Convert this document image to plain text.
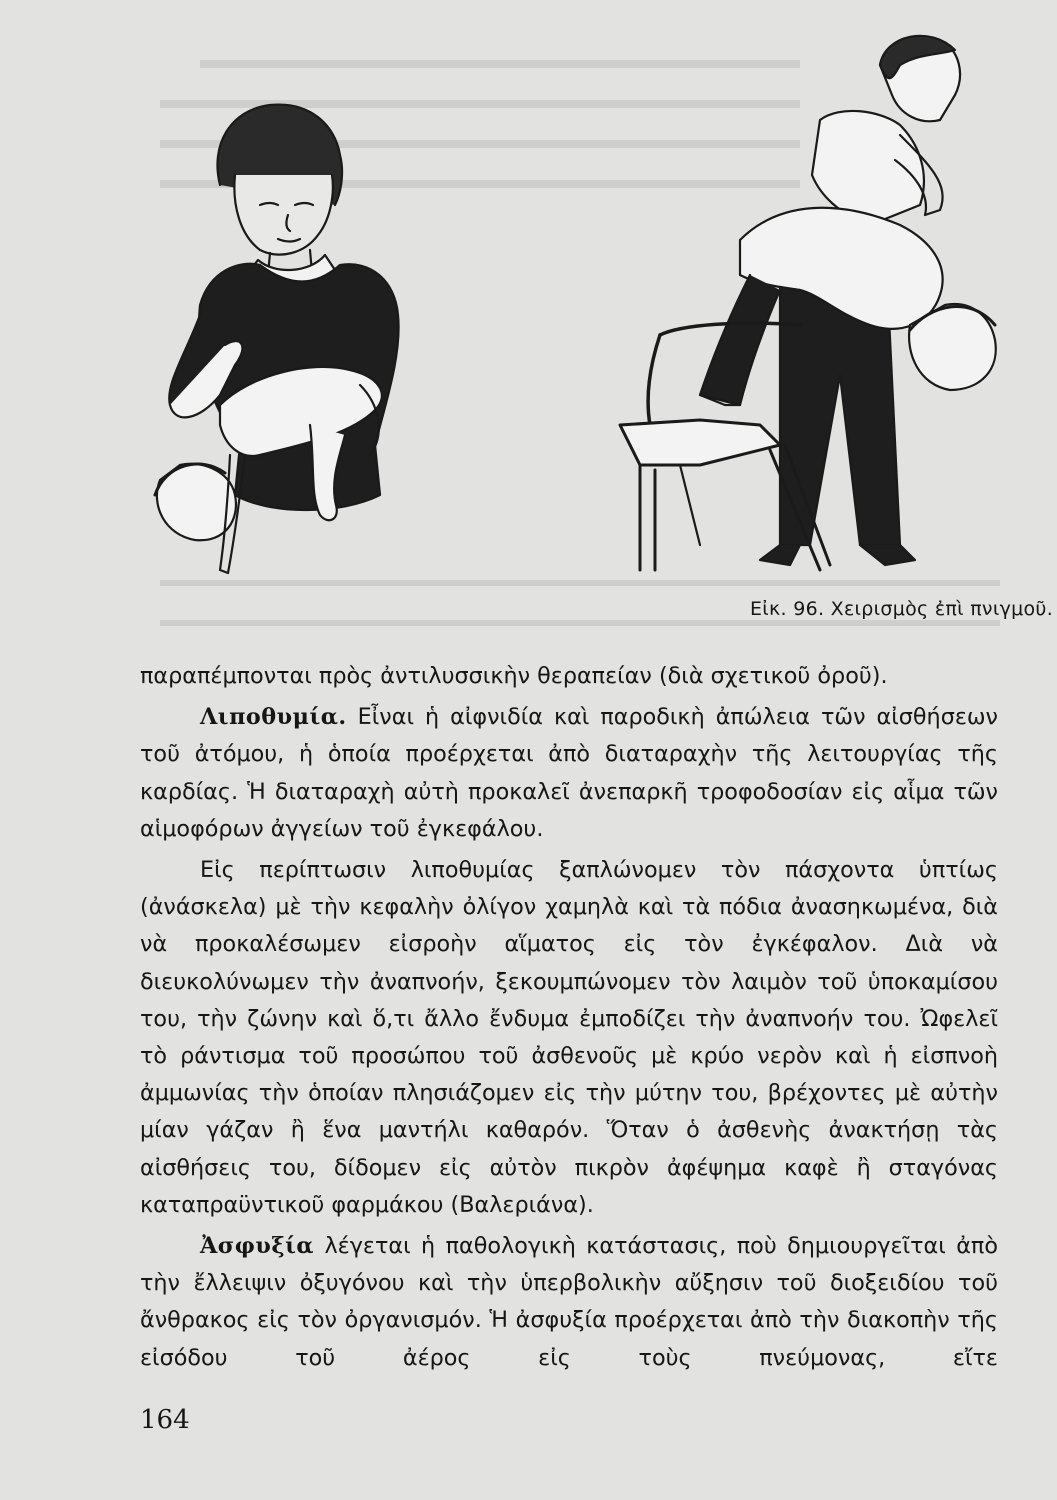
Εἰκ. 96. Χειρισμὸς ἐπὶ πνιγμοῦ.

παραπέμπονται πρὸς ἀντιλυσσικὴν θεραπείαν (διὰ σχετικοῦ ὀροῦ).

Λιποθυμία. Εἶναι ἡ αἰφνιδία καὶ παροδικὴ ἀπώλεια τῶν αἰσθήσεων τοῦ ἀτόμου, ἡ ὁποία προέρχεται ἀπὸ διαταραχὴν τῆς λειτουργίας τῆς καρδίας. Ἡ διαταραχὴ αὐτὴ προκαλεῖ ἀνεπαρκῆ τροφοδοσίαν εἰς αἷμα τῶν αἱμοφόρων ἀγγείων τοῦ ἐγκεφάλου.

Εἰς περίπτωσιν λιποθυμίας ξαπλώνομεν τὸν πάσχοντα ὑπτίως (ἀνάσκελα) μὲ τὴν κεφαλὴν ὀλίγον χαμηλὰ καὶ τὰ πόδια ἀνασηκωμένα, διὰ νὰ προκαλέσωμεν εἰσροὴν αἵματος εἰς τὸν ἐγκέφαλον. Διὰ νὰ διευκολύνωμεν τὴν ἀναπνοήν, ξεκουμπώνομεν τὸν λαιμὸν τοῦ ὑποκαμίσου του, τὴν ζώνην καὶ ὅ,τι ἄλλο ἔνδυμα ἐμποδίζει τὴν ἀναπνοήν του. Ὠφελεῖ τὸ ράντισμα τοῦ προσώπου τοῦ ἀσθενοῦς μὲ κρύο νερὸν καὶ ἡ εἰσπνοὴ ἀμμωνίας τὴν ὁποίαν πλησιάζομεν εἰς τὴν μύτην του, βρέχοντες μὲ αὐτὴν μίαν γάζαν ἢ ἕνα μαντήλι καθαρόν. Ὅταν ὁ ἀσθενὴς ἀνακτήσῃ τὰς αἰσθήσεις του, δίδομεν εἰς αὐτὸν πικρὸν ἀφέψημα καφὲ ἢ σταγόνας καταπραϋντικοῦ φαρμάκου (Βαλεριάνα).

Ἀσφυξία λέγεται ἡ παθολογικὴ κατάστασις, ποὺ δημιουργεῖται ἀπὸ τὴν ἔλλειψιν ὀξυγόνου καὶ τὴν ὑπερβολικὴν αὔξησιν τοῦ διοξειδίου τοῦ ἄνθρακος εἰς τὸν ὀργανισμόν. Ἡ ἀσφυξία προέρχεται ἀπὸ τὴν διακοπὴν τῆς εἰσόδου τοῦ ἀέρος εἰς τοὺς πνεύμονας, εἴτε

164
